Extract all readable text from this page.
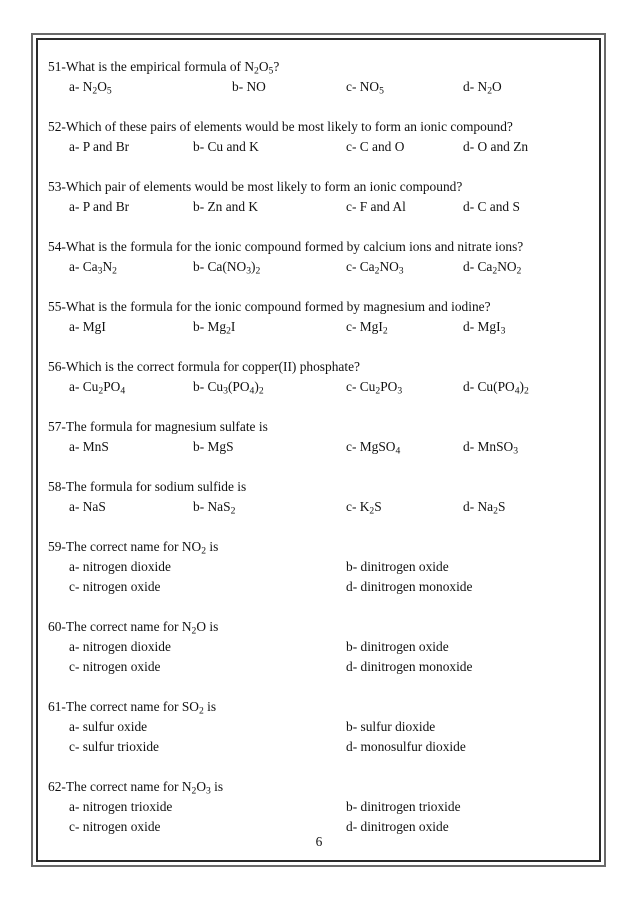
51-What is the empirical formula of $N_2O_5$?

a- $N_2O_5$	b- NO	c- $NO_5$	d- $N_2O$

52-Which of these pairs of elements would be most likely to form an ionic compound?

a- P and Br	b- Cu and K	c- C and O	d- O and Zn

53-Which pair of elements would be most likely to form an ionic compound?

a- P and Br	b- Zn and K	c- F and Al	d- C and S

54-What is the formula for the ionic compound formed by calcium ions and nitrate ions?

a- $Ca_3N_2$	b- $Ca(NO_3)_2$	c- $Ca_2NO_3$	d- $Ca_2NO_2$

55-What is the formula for the ionic compound formed by magnesium and iodine?

a- MgI	b- $Mg_2I$	c- MgI$_2$	d- MgI$_3$

56-Which is the correct formula for copper(II) phosphate?

a- $Cu_2PO_4$	b- $Cu_3(PO_4)_2$	c- $Cu_2PO_3$	d- $Cu(PO_4)_2$

57-The formula for magnesium sulfate is

a- MnS	b- MgS	c- MgSO$_4$	d- MnSO$_3$

58-The formula for sodium sulfide is

a- NaS	b- NaS$_2$	c- $K_2S$	d- $Na_2S$

59-The correct name for $NO_2$ is

a- nitrogen dioxide	b- dinitrogen oxide
c- nitrogen oxide	d- dinitrogen monoxide

60-The correct name for $N_2O$ is

a- nitrogen dioxide	b- dinitrogen oxide
c- nitrogen oxide	d- dinitrogen monoxide

61-The correct name for $SO_2$ is

a- sulfur oxide	b- sulfur dioxide
c- sulfur trioxide	d- monosulfur dioxide

62-The correct name for $N_2O_3$ is

a- nitrogen trioxide	b- dinitrogen trioxide
c- nitrogen oxide	d- dinitrogen oxide
6
